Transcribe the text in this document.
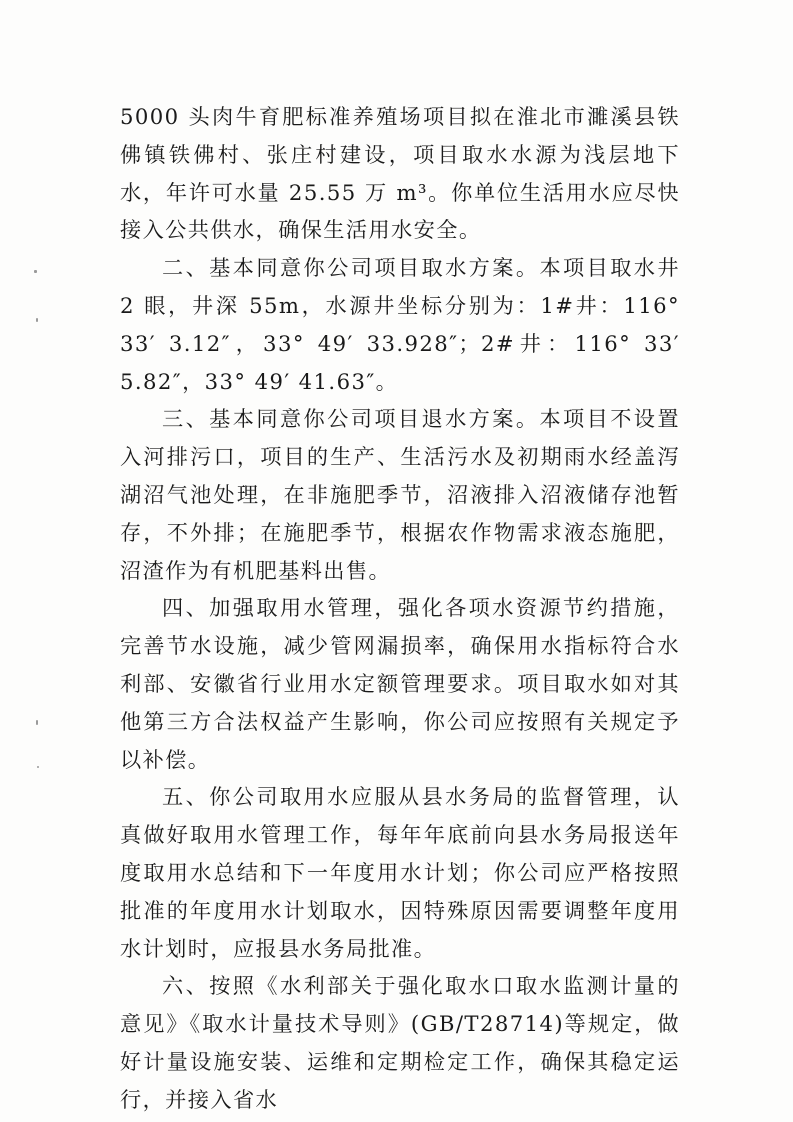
5000 头肉牛育肥标准养殖场项目拟在淮北市濉溪县铁佛镇铁佛村、张庄村建设，项目取水水源为浅层地下水，年许可水量 25.55 万 m³。你单位生活用水应尽快接入公共供水，确保生活用水安全。

二、基本同意你公司项目取水方案。本项目取水井 2 眼，井深 55m，水源井坐标分别为：1#井：116° 33′ 3.12″，33° 49′ 33.928″；2#井：116° 33′ 5.82″，33° 49′ 41.63″。

三、基本同意你公司项目退水方案。本项目不设置入河排污口，项目的生产、生活污水及初期雨水经盖泻湖沼气池处理，在非施肥季节，沼液排入沼液储存池暂存，不外排；在施肥季节，根据农作物需求液态施肥，沼渣作为有机肥基料出售。

四、加强取用水管理，强化各项水资源节约措施，完善节水设施，减少管网漏损率，确保用水指标符合水利部、安徽省行业用水定额管理要求。项目取水如对其他第三方合法权益产生影响，你公司应按照有关规定予以补偿。

五、你公司取用水应服从县水务局的监督管理，认真做好取用水管理工作，每年年底前向县水务局报送年度取用水总结和下一年度用水计划；你公司应严格按照批准的年度用水计划取水，因特殊原因需要调整年度用水计划时，应报县水务局批准。

六、按照《水利部关于强化取水口取水监测计量的意见》《取水计量技术导则》(GB/T28714)等规定，做好计量设施安装、运维和定期检定工作，确保其稳定运行，并接入省水
